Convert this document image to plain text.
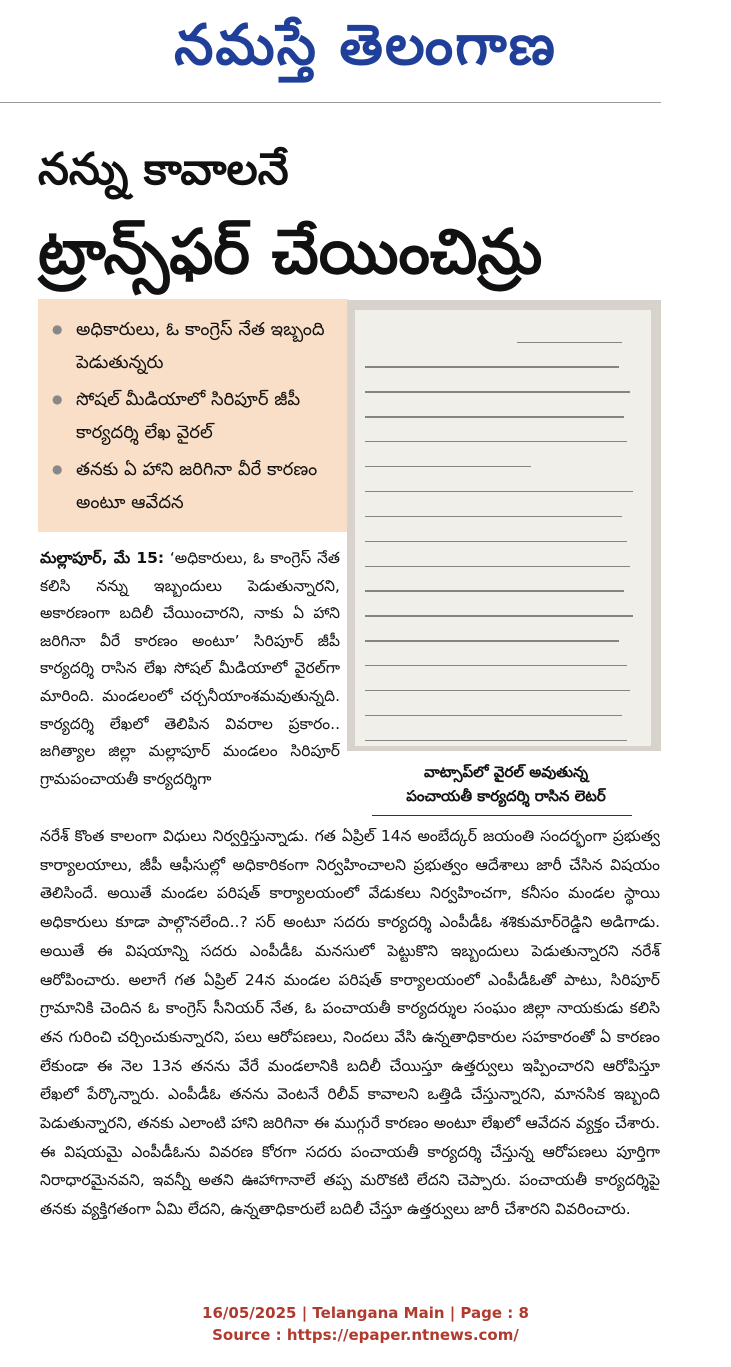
నమస్తే తెలంగాణ
నన్ను కావాలనే
ట్రాన్స్‌ఫర్ చేయించిన్రు
● అధికారులు, ఓ కాంగ్రెస్ నేత ఇబ్బంది పెడుతున్నరు
● సోషల్ మీడియాలో సిరిపూర్ జీపీ కార్యదర్శి లేఖ వైరల్
● తనకు ఏ హాని జరిగినా వీరే కారణం అంటూ ఆవేదన
వాట్సాప్‌లో వైరల్ అవుతున్న
పంచాయతీ కార్యదర్శి రాసిన లెటర్
మల్లాపూర్, మే 15: ‘అధికారులు, ఓ కాంగ్రెస్ నేత కలిసి నన్ను ఇబ్బందులు పెడుతున్నారని, అకారణంగా బదిలీ చేయించారని, నాకు ఏ హాని జరిగినా వీరే కారణం అంటూ’ సిరిపూర్ జీపీ కార్యదర్శి రాసిన లేఖ సోషల్ మీడియాలో వైరల్‌గా మారింది. మండలంలో చర్చనీయాంశమవుతున్నది. కార్యదర్శి లేఖలో తెలిపిన వివరాల ప్రకారం.. జగిత్యాల జిల్లా మల్లాపూర్ మండలం సిరిపూర్ గ్రామపంచాయతీ కార్యదర్శిగా
నరేశ్ కొంత కాలంగా విధులు నిర్వర్తిస్తున్నాడు. గత ఏప్రిల్ 14న అంబేద్కర్ జయంతి సందర్భంగా ప్రభుత్వ కార్యాలయాలు, జీపీ ఆఫీసుల్లో అధికారికంగా నిర్వహించాలని ప్రభుత్వం ఆదేశాలు జారీ చేసిన విషయం తెలిసిందే. అయితే మండల పరిషత్ కార్యాలయంలో వేడుకలు నిర్వహించగా, కనీసం మండల స్థాయి అధికారులు కూడా పాల్గొనలేంది..? సర్ అంటూ సదరు కార్యదర్శి ఎంపీడీఓ శశికుమార్‌రెడ్డిని అడిగాడు. అయితే ఈ విషయాన్ని సదరు ఎంపీడీఓ మనసులో పెట్టుకొని ఇబ్బందులు పెడుతున్నారని నరేశ్ ఆరోపించారు. అలాగే గత ఏప్రిల్ 24న మండల పరిషత్ కార్యాలయంలో ఎంపీడీఓతో పాటు, సిరిపూర్ గ్రామానికి చెందిన ఓ కాంగ్రెస్ సీనియర్ నేత, ఓ పంచాయతీ కార్యదర్శుల సంఘం జిల్లా నాయకుడు కలిసి తన గురించి చర్చించుకున్నారని, పలు ఆరోపణలు, నిందలు వేసి ఉన్నతాధికారుల సహకారంతో ఏ కారణం లేకుండా ఈ నెల 13న తనను వేరే మండలానికి బదిలీ చేయిస్తూ ఉత్తర్వులు ఇప్పించారని ఆరోపిస్తూ లేఖలో పేర్కొన్నారు. ఎంపీడీఓ తనను వెంటనే రిలీవ్ కావాలని ఒత్తిడి చేస్తున్నారని, మానసిక ఇబ్బంది పెడుతున్నారని, తనకు ఎలాంటి హాని జరిగినా ఈ ముగ్గురే కారణం అంటూ లేఖలో ఆవేదన వ్యక్తం చేశారు. ఈ విషయమై ఎంపీడీఓను వివరణ కోరగా సదరు పంచాయతీ కార్యదర్శి చేస్తున్న ఆరోపణలు పూర్తిగా నిరాధారమైనవని, ఇవన్నీ అతని ఊహాగానాలే తప్ప మరొకటి లేదని చెప్పారు. పంచాయతీ కార్యదర్శిపై తనకు వ్యక్తిగతంగా ఏమి లేదని, ఉన్నతాధికారులే బదిలీ చేస్తూ ఉత్తర్వులు జారీ చేశారని వివరించారు.
16/05/2025 | Telangana Main | Page : 8
Source : https://epaper.ntnews.com/
